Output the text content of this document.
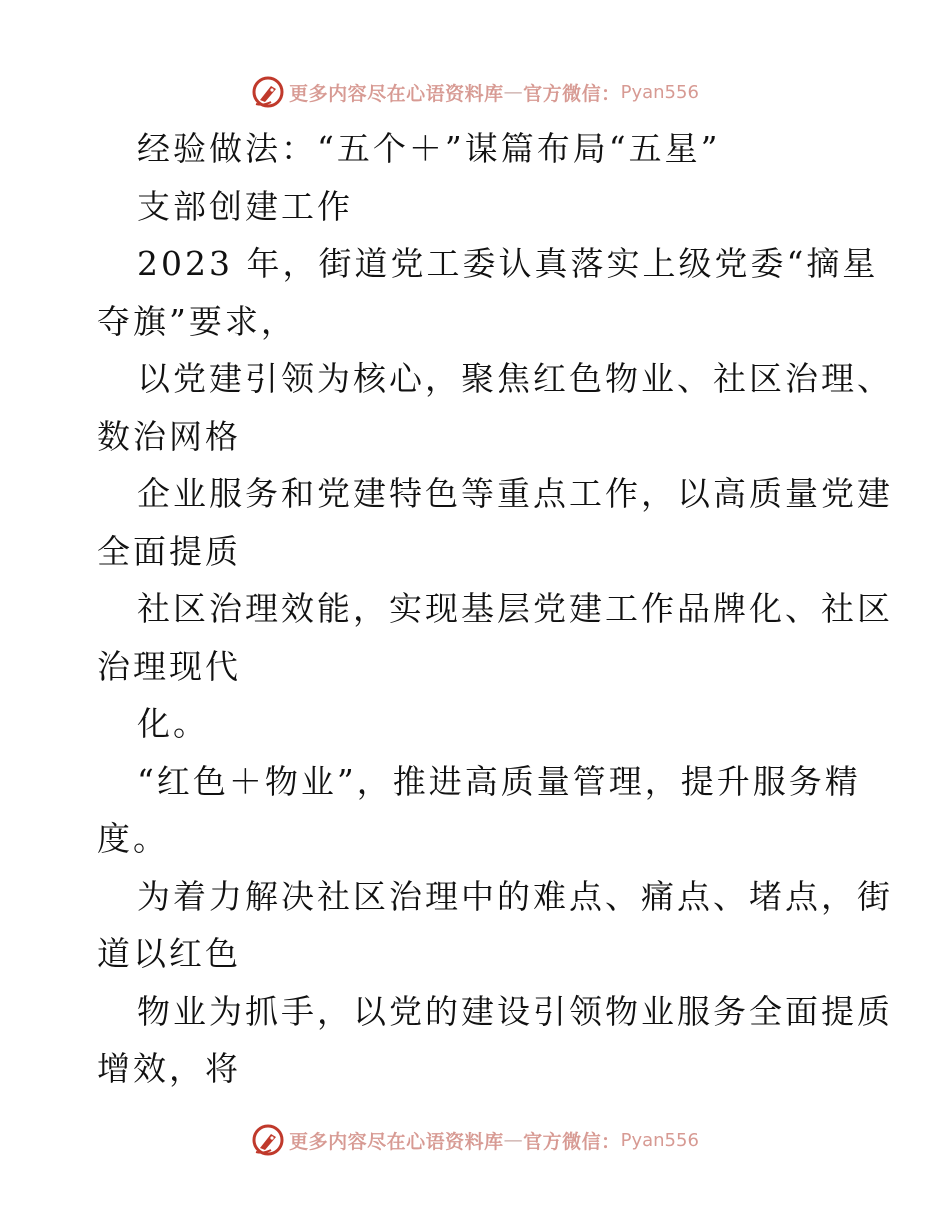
更多内容尽在心语资料库 — 官方微信： Pyan556
经验做法：“五个＋”谋篇布局“五星”
支部创建工作
2023 年，街道党工委认真落实上级党委“摘星
夺旗”要求，
以党建引领为核心，聚焦红色物业、社区治理、
数治网格
企业服务和党建特色等重点工作，以高质量党建
全面提质
社区治理效能，实现基层党建工作品牌化、社区
治理现代
化。
“红色＋物业”，推进高质量管理，提升服务精
度。
为着力解决社区治理中的难点、痛点、堵点，街
道以红色
物业为抓手，以党的建设引领物业服务全面提质
增效，将
更多内容尽在心语资料库 — 官方微信： Pyan556
